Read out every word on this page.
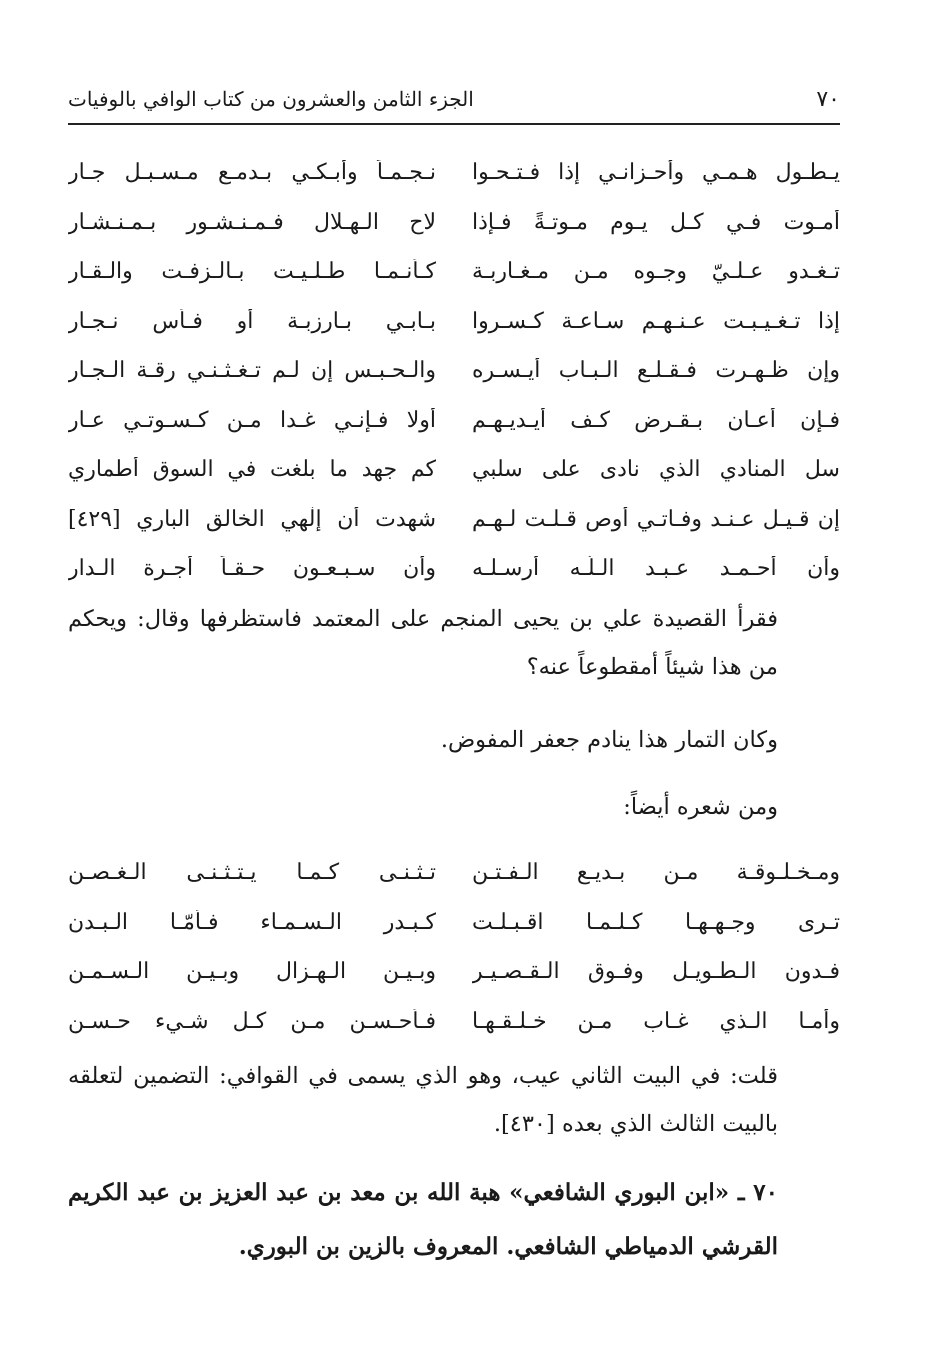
٧٠
الجزء الثامن والعشرون من كتاب الوافي بالوفيات
يـطـول هـمـي وأحـزانـي إذا فـتـحـوا
نـجـمـاً وأبـكـي بـدمـع مـسـبـل جـار
أمـوت فـي كـل يـوم مـوتـةً فـإذا
لاح الـهـلال فـمـنـشـور بـمـنـشـار
تـغـدو عـلـيّ وجـوه مـن مـغـاربـة
كـأنـمـا طـلـيـت بـالـزفـت والـقـار
إذا تـغـيـبـت عـنـهـم سـاعـة كـسـروا
بـابـي بـارزبـة أو فـأس نـجـار
وإن ظـهـرت فـقـلـع الـبـاب أيـسـره
والـحـبـس إن لـم تـغـثـنـي رقـة الـجـار
فـإن أعـان بـقـرض كـف أيـديـهـم
أولا فـإنـي غـدا مـن كـسـوتـي عـار
سل المنادي الذي نادى على سلبي
كم جهد ما بلغت في السوق أطماري
إن قـيـل عـنـد وفـاتـي أوص قـلـت لـهـم
شهدت أن إلٰهي الخالق الباري [٤٢٩]
وأن أحـمـد عـبـد الـلّـه أرسـلـه
وأن سـبـعـون حـقـاً أجـرة الـدار

فقرأ القصيدة علي بن يحيى المنجم على المعتمد فاستظرفها وقال: ويحكم من هذا شيئاً أمقطوعاً عنه؟

وكان التمار هذا ينادم جعفر المفوض.

ومن شعره أيضاً:

ومـخـلـوقـة مـن بـديـع الـفـتـن
تـثـنـى كـمـا يـتـثـنـى الـغـصـن
تـرى وجـهـهـا كـلـمـا اقـبـلـت
كـبـدر الـسـمـاء فـأمّـا الـبـدن
فـدون الـطـويـل وفـوق الـقـصـيـر
وبـيـن الـهـزال وبـيـن الـسـمـن
وأمـا الـذي غـاب مـن خـلـقـهـا
فـأحـسـن مـن كـل شـيء حـسـن

قلت: في البيت الثاني عيب، وهو الذي يسمى في القوافي: التضمين لتعلقه بالبيت الثالث الذي بعده [٤٣٠].

٧٠ ـ «ابن البوري الشافعي» هبة الله بن معد بن عبد العزيز بن عبد الكريم القرشي الدمياطي الشافعي. المعروف بالزين بن البوري.
